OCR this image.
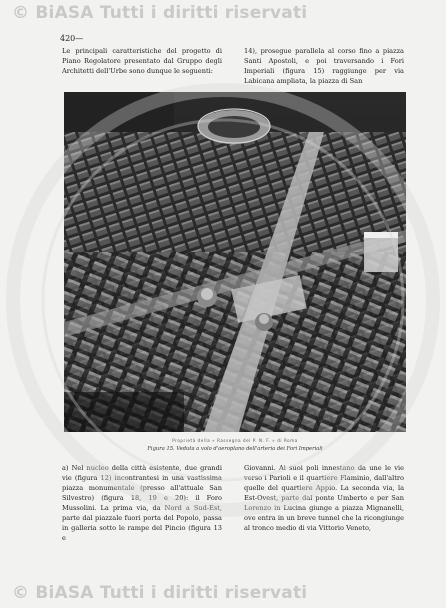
© BiASA Tutti i diritti riservati
420—
Le principali caratteristiche del progetto di Piano Regolatore presentato dal Gruppo degli Architetti dell'Urbe sono dunque le seguenti:
14), prosegue parallela al corso fino a piazza Santi Apostoli, e poi traversando i Fori Imperiali (figura 15) raggiunge per via Labicana ampliata, la piazza di San
Proprietà della « Rassegna del P. N. F. » di Roma
Figura 15. Veduta a volo d'aeroplano dell'arteria dei Fori Imperiali
a) Nel nucleo della città esistente, due grandi vie (figura 12) incontrantesi in una vastissima piazza monumentale (presso all'attuale San Silvestro) (figura 18, 19 e 20): il Foro Mussolini. La prima via, da Nord a Sud-Est, parte dal piazzale fuori porta del Popolo, passa in galleria sotto le rampe del Pincio (figura 13 e
Giovanni. Ai suoi poli innestano da une le vie verso i Parioli e il quartiere Flaminio, dall'altro quelle del quartiere Appio. La seconda via, la Est-Ovest, parte dal ponte Umberto e per San Lorenzo in Lucina giunge a piazza Mignanelli, ove entra in un breve tunnel che la ricongiunge al tronco medio di via Vittorio Veneto,
© BiASA Tutti i diritti riservati
